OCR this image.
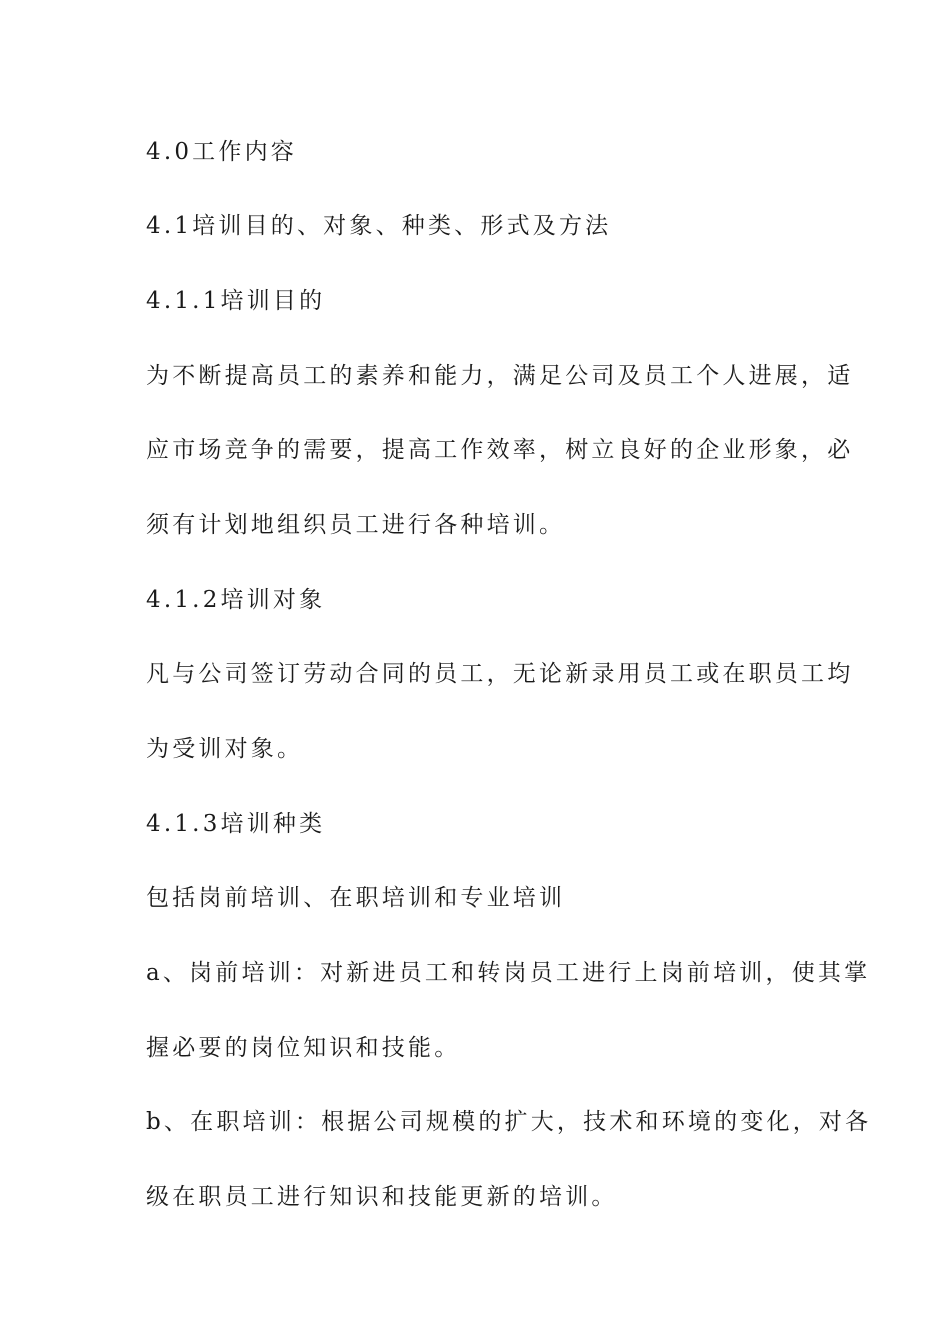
4.0工作内容
4.1培训目的、对象、种类、形式及方法
4.1.1培训目的
为不断提高员工的素养和能力，满足公司及员工个人进展，适
应市场竞争的需要，提高工作效率，树立良好的企业形象，必
须有计划地组织员工进行各种培训。
4.1.2培训对象
凡与公司签订劳动合同的员工，无论新录用员工或在职员工均
为受训对象。
4.1.3培训种类
包括岗前培训、在职培训和专业培训
a、岗前培训：对新进员工和转岗员工进行上岗前培训，使其掌
握必要的岗位知识和技能。
b、在职培训：根据公司规模的扩大，技术和环境的变化，对各
级在职员工进行知识和技能更新的培训。
